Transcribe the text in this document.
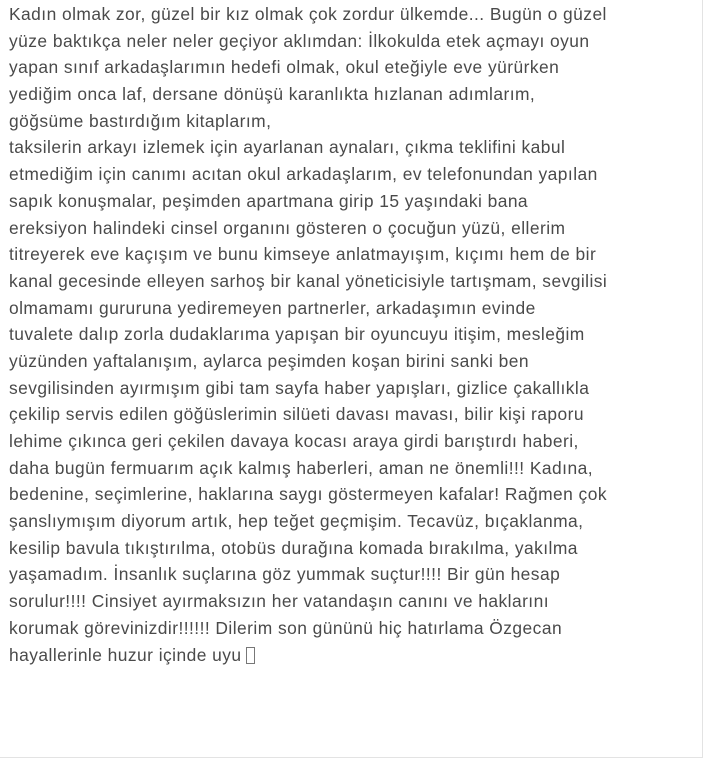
Kadın olmak zor, güzel bir kız olmak çok zordur ülkemde... Bugün o güzel
yüze baktıkça neler neler geçiyor aklımdan: İlkokulda etek açmayı oyun
yapan sınıf arkadaşlarımın hedefi olmak, okul eteğiyle eve yürürken
yediğim onca laf, dersane dönüşü karanlıkta hızlanan adımlarım,
göğsüme bastırdığım kitaplarım,
taksilerin arkayı izlemek için ayarlanan aynaları, çıkma teklifini kabul
etmediğim için canımı acıtan okul arkadaşlarım, ev telefonundan yapılan
sapık konuşmalar, peşimden apartmana girip 15 yaşındaki bana
ereksiyon halindeki cinsel organını gösteren o çocuğun yüzü, ellerim
titreyerek eve kaçışım ve bunu kimseye anlatmayışım, kıçımı hem de bir
kanal gecesinde elleyen sarhoş bir kanal yöneticisiyle tartışmam, sevgilisi
olmamamı gururuna yediremeyen partnerler, arkadaşımın evinde
tuvalete dalıp zorla dudaklarıma yapışan bir oyuncuyu itişim, mesleğim
yüzünden yaftalanışım, aylarca peşimden koşan birini sanki ben
sevgilisinden ayırmışım gibi tam sayfa haber yapışları, gizlice çakallıkla
çekilip servis edilen göğüslerimin silüeti davası mavası, bilir kişi raporu
lehime çıkınca geri çekilen davaya kocası araya girdi barıştırdı haberi,
daha bugün fermuarım açık kalmış haberleri, aman ne önemli!!! Kadına,
bedenine, seçimlerine, haklarına saygı göstermeyen kafalar! Rağmen çok
şanslıymışım diyorum artık, hep teğet geçmişim. Tecavüz, bıçaklanma,
kesilip bavula tıkıştırılma, otobüs durağına komada bırakılma, yakılma
yaşamadım. İnsanlık suçlarına göz yummak suçtur!!!! Bir gün hesap
sorulur!!!! Cinsiyet ayırmaksızın her vatandaşın canını ve haklarını
korumak görevinizdir!!!!!! Dilerim son gününü hiç hatırlama Özgecan
hayallerinle huzur içinde uyu
